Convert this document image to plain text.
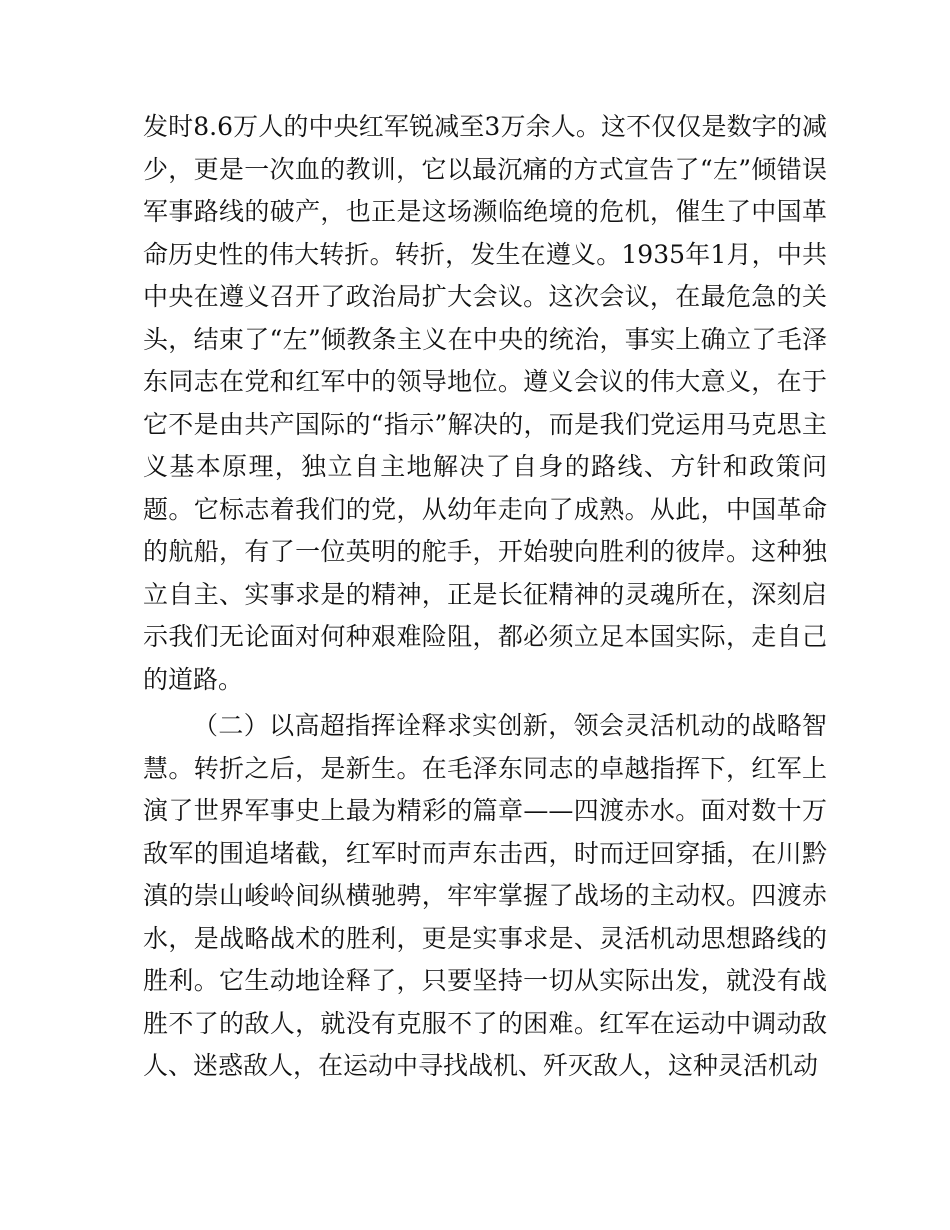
发时8.6万人的中央红军锐减至3万余人。这不仅仅是数字的减少，更是一次血的教训，它以最沉痛的方式宣告了“左”倾错误军事路线的破产，也正是这场濒临绝境的危机，催生了中国革命历史性的伟大转折。转折，发生在遵义。1935年1月，中共中央在遵义召开了政治局扩大会议。这次会议，在最危急的关头，结束了“左”倾教条主义在中央的统治，事实上确立了毛泽东同志在党和红军中的领导地位。遵义会议的伟大意义，在于它不是由共产国际的“指示”解决的，而是我们党运用马克思主义基本原理，独立自主地解决了自身的路线、方针和政策问题。它标志着我们的党，从幼年走向了成熟。从此，中国革命的航船，有了一位英明的舵手，开始驶向胜利的彼岸。这种独立自主、实事求是的精神，正是长征精神的灵魂所在，深刻启示我们无论面对何种艰难险阻，都必须立足本国实际，走自己的道路。

（二）以高超指挥诠释求实创新，领会灵活机动的战略智慧。转折之后，是新生。在毛泽东同志的卓越指挥下，红军上演了世界军事史上最为精彩的篇章——四渡赤水。面对数十万敌军的围追堵截，红军时而声东击西，时而迂回穿插，在川黔滇的崇山峻岭间纵横驰骋，牢牢掌握了战场的主动权。四渡赤水，是战略战术的胜利，更是实事求是、灵活机动思想路线的胜利。它生动地诠释了，只要坚持一切从实际出发，就没有战胜不了的敌人，就没有克服不了的困难。红军在运动中调动敌人、迷惑敌人，在运动中寻找战机、歼灭敌人，这种灵活机动
